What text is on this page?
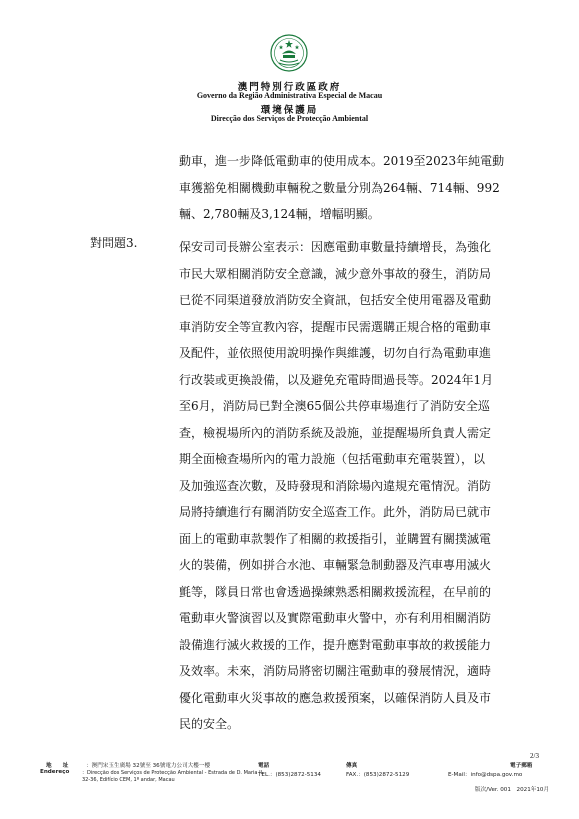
澳門特別行政區政府
Governo da Região Administrativa Especial de Macau
環境保護局
Direcção dos Serviços de Protecção Ambiental
動車，進一步降低電動車的使用成本。2019至2023年純電動
車獲豁免相關機動車輛稅之數量分別為264輛、714輛、992
輛、2,780輛及3,124輛，增幅明顯。
對問題3.	保安司司長辦公室表示：因應電動車數量持續增長，為強化
市民大眾相關消防安全意識，減少意外事故的發生，消防局
已從不同渠道發放消防安全資訊，包括安全使用電器及電動
車消防安全等宣教內容，提醒市民需選購正規合格的電動車
及配件，並依照使用說明操作與維護，切勿自行為電動車進
行改裝或更換設備，以及避免充電時間過長等。2024年1月
至6月，消防局已對全澳65個公共停車場進行了消防安全巡
查，檢視場所內的消防系統及設施，並提醒場所負責人需定
期全面檢查場所內的電力設施（包括電動車充電裝置），以
及加強巡查次數，及時發現和消除場內違規充電情況。消防
局將持續進行有關消防安全巡查工作。此外，消防局已就市
面上的電動車款製作了相關的救援指引，並購置有關撲滅電
火的裝備，例如拼合水池、車輛緊急制動器及汽車專用滅火
氈等，隊員日常也會透過操練熟悉相關救援流程，在早前的
電動車火警演習以及實際電動車火警中，亦有利用相關消防
設備進行滅火救援的工作，提升應對電動車事故的救援能力
及效率。未來，消防局將密切關注電動車的發展情況，適時
優化電動車火災事故的應急救援預案，以確保消防人員及市
民的安全。
2/3
地　　址	：澳門宋玉生廣場 32號至 36號電力公司大樓一樓
Endereço	：Direcção dos Serviços de Protecção Ambiental - Estrada de D. Maria II,
32-36, Edifício CEM, 1º andar, Macau
電話
TEL.：(853)2872-5134
傳真
FAX.：(853)2872-5129
電子郵箱
E-Mail：info@dspa.gov.mo
版次/Ver. 001　2021年10月
